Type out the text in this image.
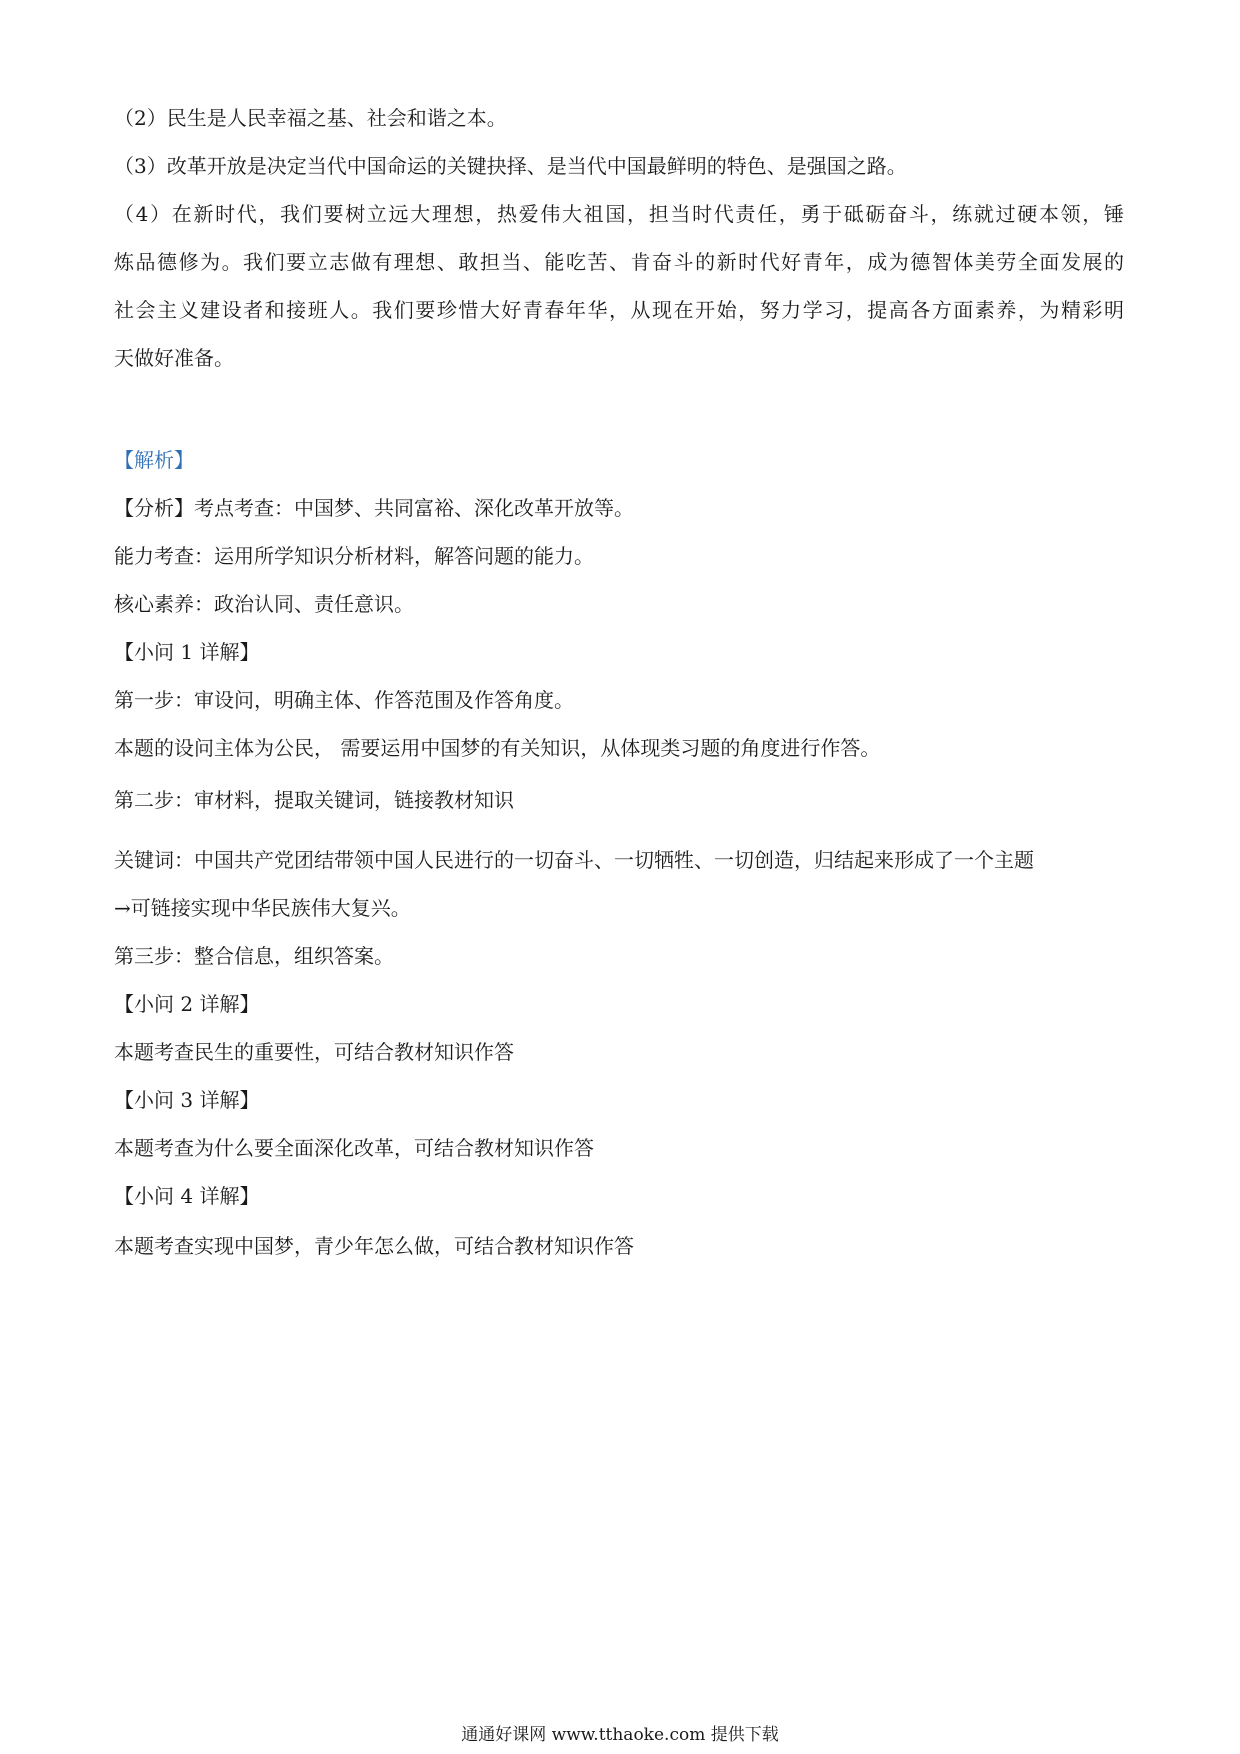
（2）民生是人民幸福之基、社会和谐之本。
（3）改革开放是决定当代中国命运的关键抉择、是当代中国最鲜明的特色、是强国之路。
（4）在新时代，我们要树立远大理想，热爱伟大祖国，担当时代责任，勇于砥砺奋斗，练就过硬本领，锤
炼品德修为。我们要立志做有理想、敢担当、能吃苦、肯奋斗的新时代好青年，成为德智体美劳全面发展的
社会主义建设者和接班人。我们要珍惜大好青春年华，从现在开始，努力学习，提高各方面素养，为精彩明
天做好准备。
【解析】
【分析】考点考查：中国梦、共同富裕、深化改革开放等。
能力考查：运用所学知识分析材料，解答问题的能力。
核心素养：政治认同、责任意识。
【小问 1 详解】
第一步：审设问，明确主体、作答范围及作答角度。
本题的设问主体为公民， 需要运用中国梦的有关知识，从体现类习题的角度进行作答。
第二步：审材料，提取关键词，链接教材知识
关键词：中国共产党团结带领中国人民进行的一切奋斗、一切牺牲、一切创造，归结起来形成了一个主题
→可链接实现中华民族伟大复兴。
第三步：整合信息，组织答案。
【小问 2 详解】
本题考查民生的重要性，可结合教材知识作答
【小问 3 详解】
本题考查为什么要全面深化改革，可结合教材知识作答
【小问 4 详解】
本题考查实现中国梦，青少年怎么做，可结合教材知识作答
通通好课网 www.tthaoke.com 提供下载
